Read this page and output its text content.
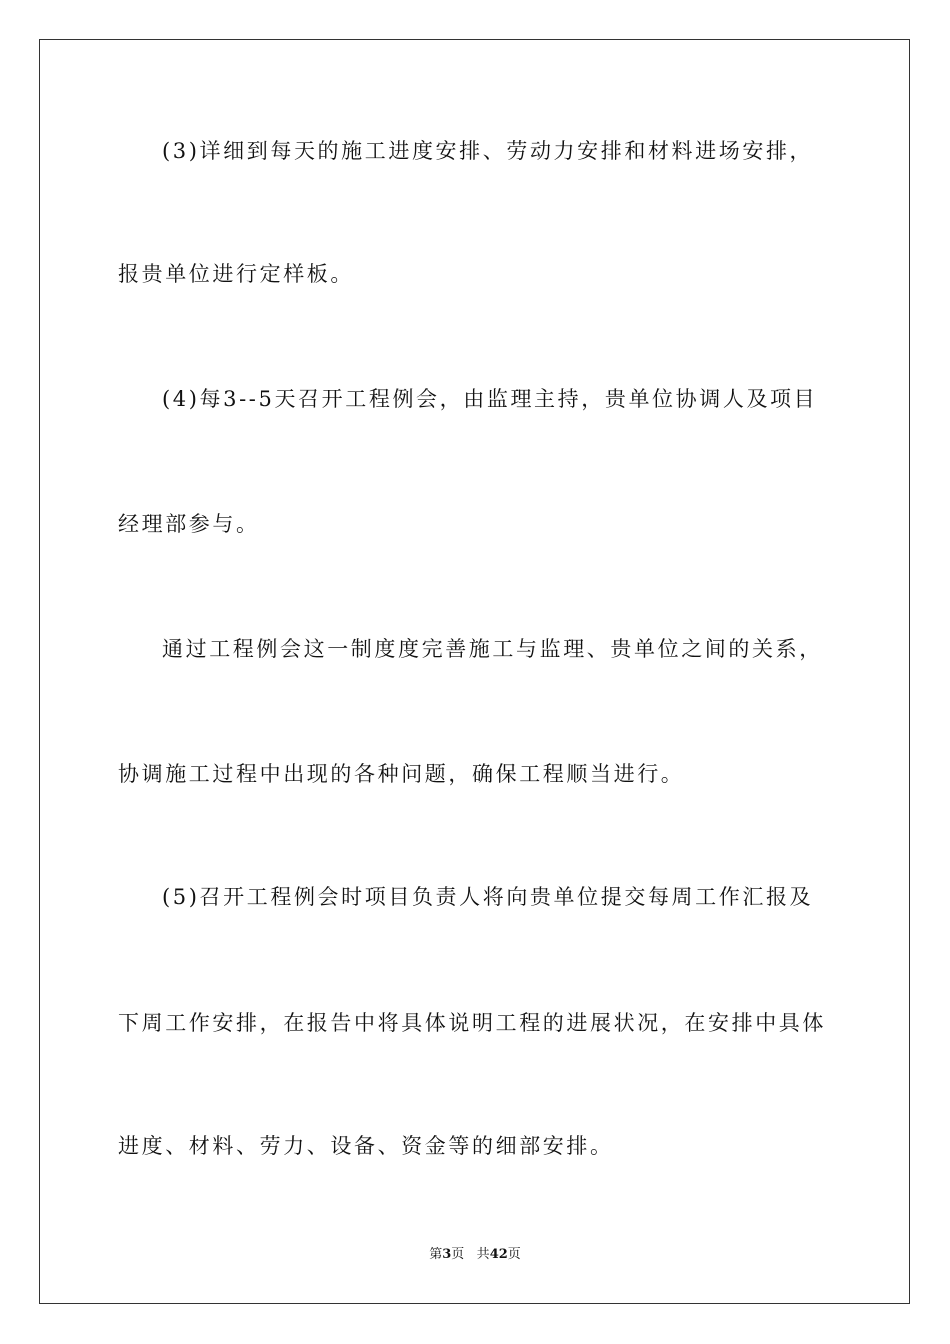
(3)详细到每天的施工进度安排、劳动力安排和材料进场安排，
报贵单位进行定样板。
(4)每3--5天召开工程例会，由监理主持，贵单位协调人及项目
经理部参与。
通过工程例会这一制度度完善施工与监理、贵单位之间的关系，
协调施工过程中出现的各种问题，确保工程顺当进行。
(5)召开工程例会时项目负责人将向贵单位提交每周工作汇报及
下周工作安排，在报告中将具体说明工程的进展状况，在安排中具体
进度、材料、劳力、设备、资金等的细部安排。
第3页 共42页
